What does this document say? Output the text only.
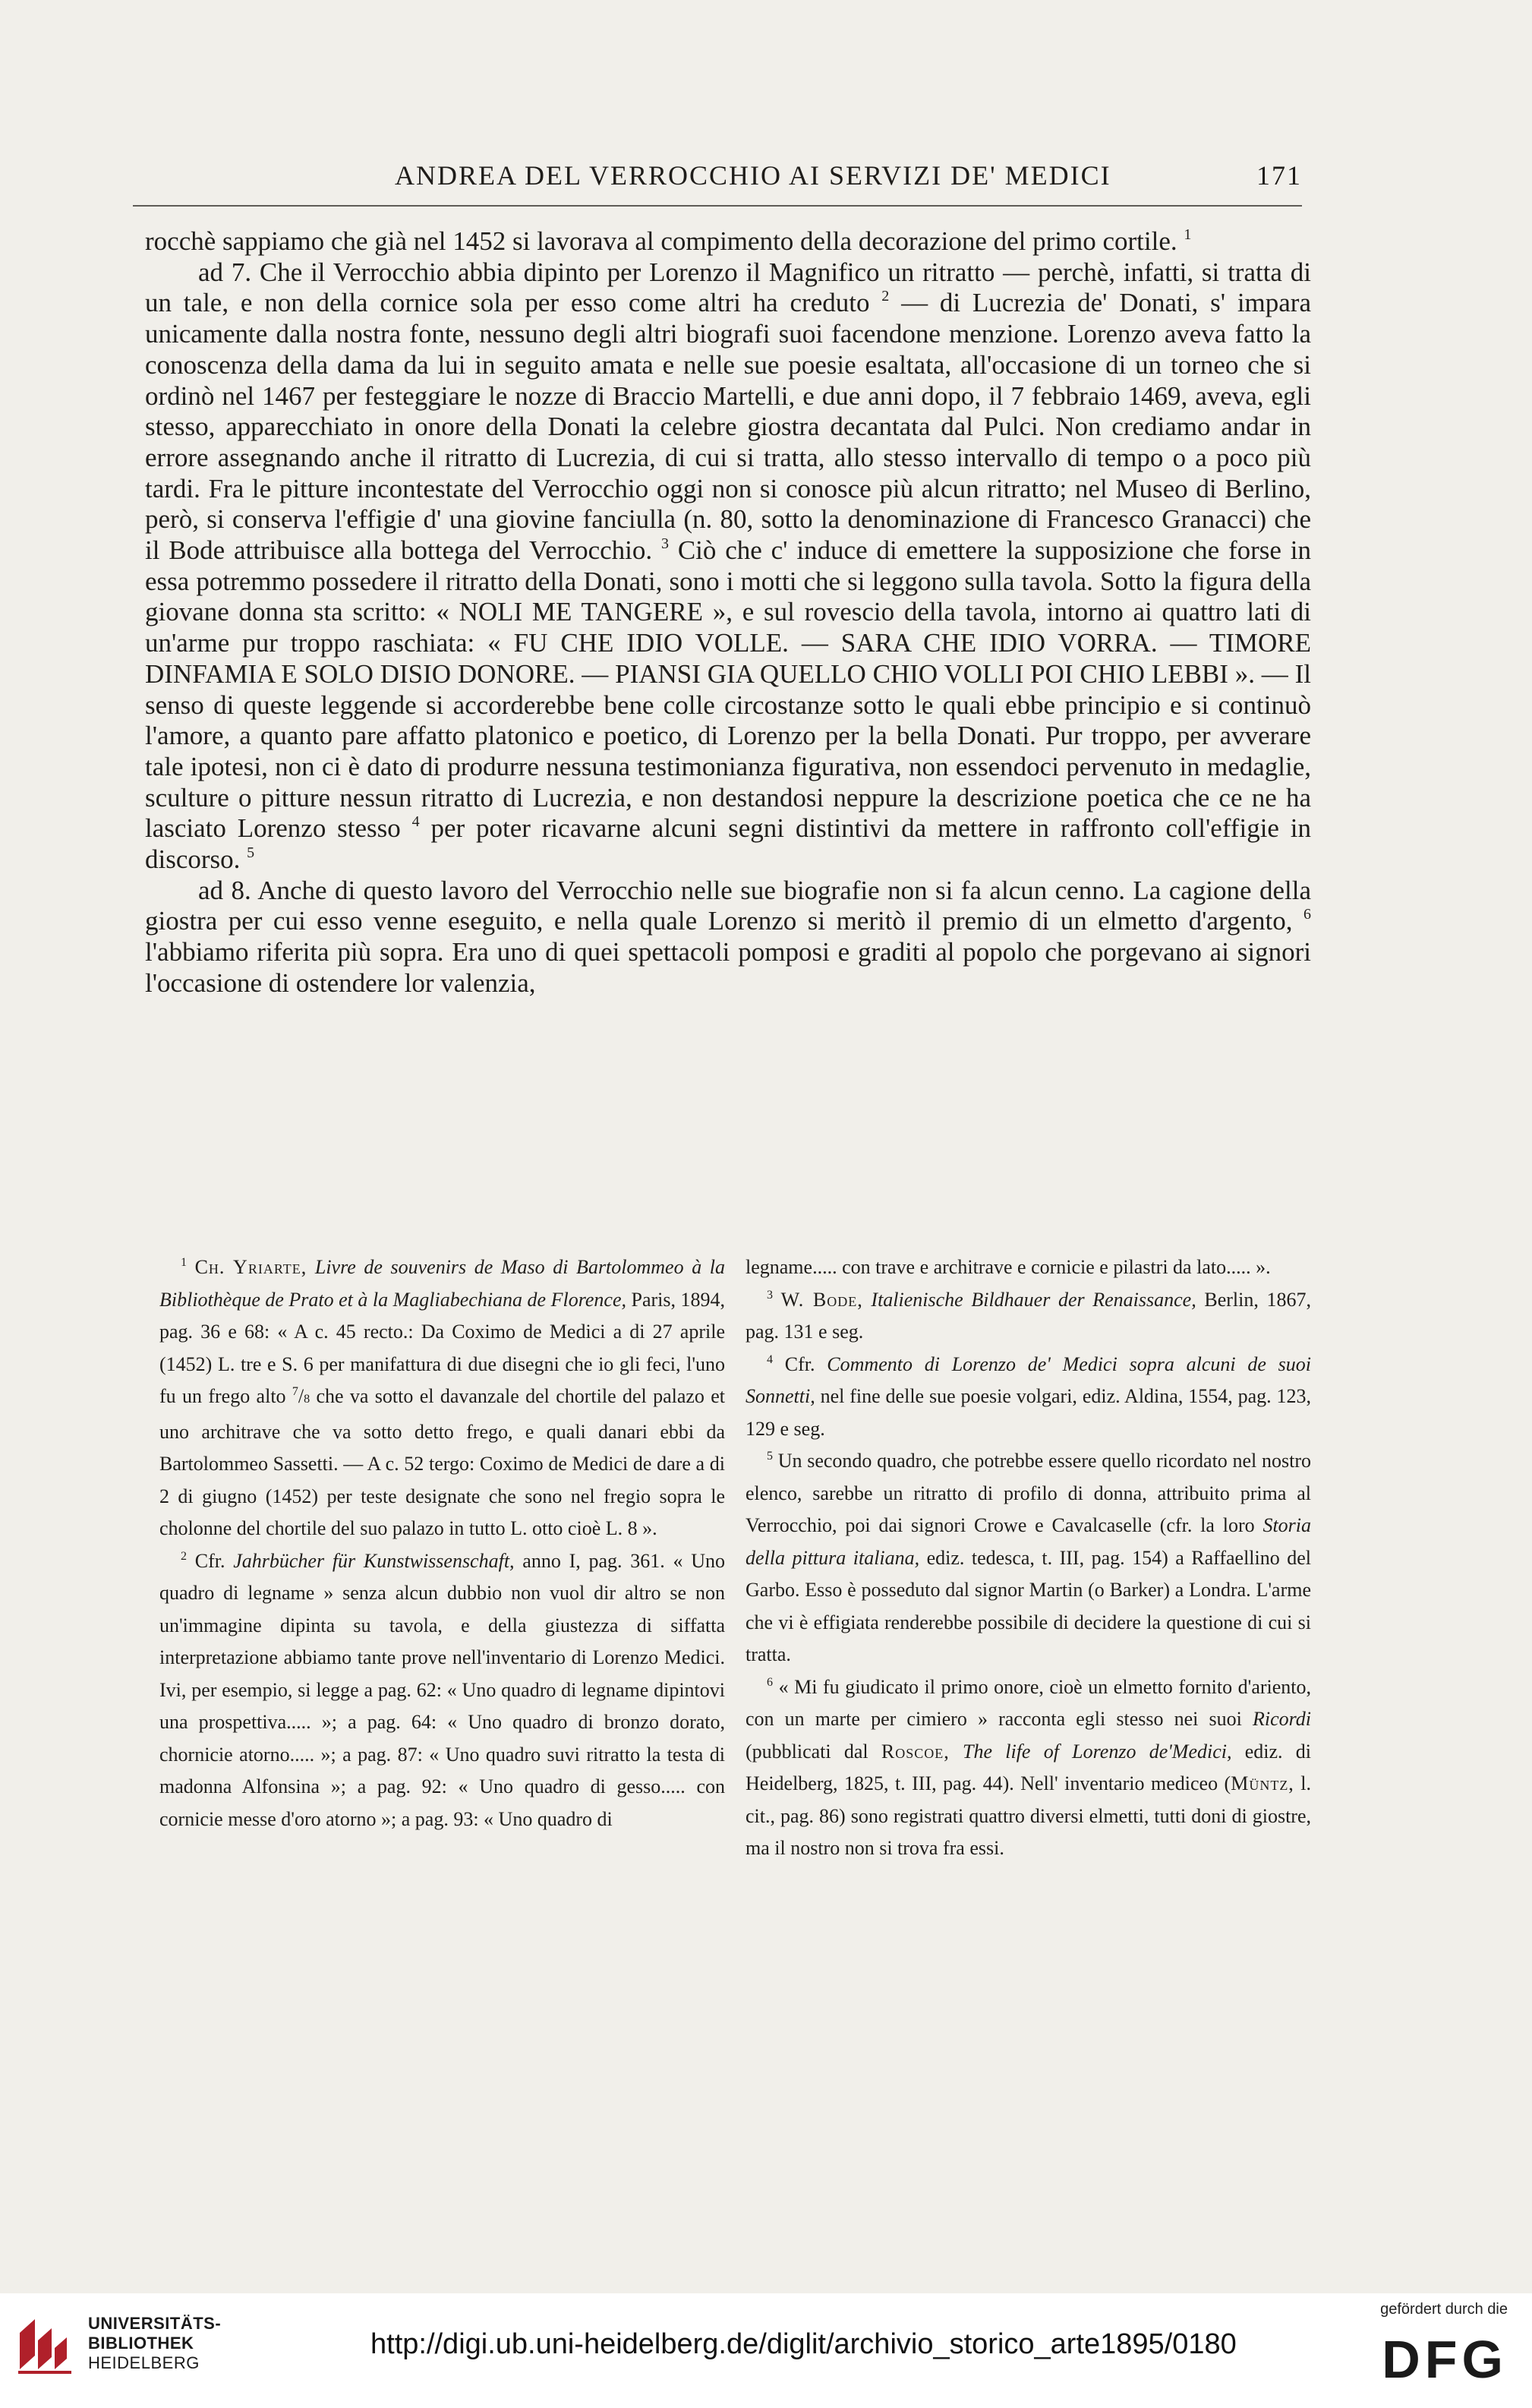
ANDREA DEL VERROCCHIO AI SERVIZI DE' MEDICI	171

rocchè sappiamo che già nel 1452 si lavorava al compimento della decorazione del primo cortile. $^1$

ad 7. Che il Verrocchio abbia dipinto per Lorenzo il Magnifico un ritratto — perchè, infatti, si tratta di un tale, e non della cornice sola per esso come altri ha creduto $^2$ — di Lucrezia de' Donati, s' impara unicamente dalla nostra fonte, nessuno degli altri biografi suoi facendone menzione. Lorenzo aveva fatto la conoscenza della dama da lui in seguito amata e nelle sue poesie esaltata, all'occasione di un torneo che si ordinò nel 1467 per festeggiare le nozze di Braccio Martelli, e due anni dopo, il 7 febbraio 1469, aveva, egli stesso, apparecchiato in onore della Donati la celebre giostra decantata dal Pulci. Non crediamo andar in errore assegnando anche il ritratto di Lucrezia, di cui si tratta, allo stesso intervallo di tempo o a poco più tardi. Fra le pitture incontestate del Verrocchio oggi non si conosce più alcun ritratto; nel Museo di Berlino, però, si conserva l'effigie d' una giovine fanciulla (n. 80, sotto la denominazione di Francesco Granacci) che il Bode attribuisce alla bottega del Verrocchio. $^3$ Ciò che c' induce di emettere la supposizione che forse in essa potremmo possedere il ritratto della Donati, sono i motti che si leggono sulla tavola. Sotto la figura della giovane donna sta scritto: « NOLI ME TANGERE », e sul rovescio della tavola, intorno ai quattro lati di un'arme pur troppo raschiata: « FU CHE IDIO VOLLE. — SARA CHE IDIO VORRA. — TIMORE DINFAMIA E SOLO DISIO DONORE. — PIANSI GIA QUELLO CHIO VOLLI POI CHIO LEBBI ». — Il senso di queste leggende si accorderebbe bene colle circostanze sotto le quali ebbe principio e si continuò l'amore, a quanto pare affatto platonico e poetico, di Lorenzo per la bella Donati. Pur troppo, per avverare tale ipotesi, non ci è dato di produrre nessuna testimonianza figurativa, non essendoci pervenuto in medaglie, sculture o pitture nessun ritratto di Lucrezia, e non destandosi neppure la descrizione poetica che ce ne ha lasciato Lorenzo stesso $^4$ per poter ricavarne alcuni segni distintivi da mettere in raffronto coll'effigie in discorso. $^5$

ad 8. Anche di questo lavoro del Verrocchio nelle sue biografie non si fa alcun cenno. La cagione della giostra per cui esso venne eseguito, e nella quale Lorenzo si meritò il premio di un elmetto d'argento, $^6$ l'abbiamo riferita più sopra. Era uno di quei spettacoli pomposi e graditi al popolo che porgevano ai signori l'occasione di ostendere lor valenzia,

$^1$ Ch. Yriarte, Livre de souvenirs de Maso di Bartolommeo à la Bibliothèque de Prato et à la Magliabechiana de Florence, Paris, 1894, pag. 36 e 68: « A c. 45 recto.: Da Coximo de Medici a di 27 aprile (1452) L. tre e S. 6 per manifattura di due disegni che io gli feci, l'uno fu un frego alto $^7$/8 che va sotto el davanzale del chortile del palazo et uno architrave che va sotto detto frego, e quali danari ebbi da Bartolommeo Sassetti. — A c. 52 tergo: Coximo de Medici de dare a di 2 di giugno (1452) per teste designate che sono nel fregio sopra le cholonne del chortile del suo palazo in tutto L. otto cioè L. 8 ».

$^2$ Cfr. Jahrbücher für Kunstwissenschaft, anno I, pag. 361. « Uno quadro di legname » senza alcun dubbio non vuol dir altro se non un'immagine dipinta su tavola, e della giustezza di siffatta interpretazione abbiamo tante prove nell'inventario di Lorenzo Medici. Ivi, per esempio, si legge a pag. 62: « Uno quadro di legname dipintovi una prospettiva..... »; a pag. 64: « Uno quadro di bronzo dorato, chornicie atorno..... »; a pag. 87: « Uno quadro suvi ritratto la testa di madonna Alfonsina »; a pag. 92: « Uno quadro di gesso..... con cornicie messe d'oro atorno »; a pag. 93: « Uno quadro di

legname..... con trave e architrave e cornicie e pilastri da lato..... ».

$^3$ W. Bode, Italienische Bildhauer der Renaissance, Berlin, 1867, pag. 131 e seg.

$^4$ Cfr. Commento di Lorenzo de' Medici sopra alcuni de suoi Sonnetti, nel fine delle sue poesie volgari, ediz. Aldina, 1554, pag. 123, 129 e seg.

$^5$ Un secondo quadro, che potrebbe essere quello ricordato nel nostro elenco, sarebbe un ritratto di profilo di donna, attribuito prima al Verrocchio, poi dai signori Crowe e Cavalcaselle (cfr. la loro Storia della pittura italiana, ediz. tedesca, t. III, pag. 154) a Raffaellino del Garbo. Esso è posseduto dal signor Martin (o Barker) a Londra. L'arme che vi è effigiata renderebbe possibile di decidere la questione di cui si tratta.

$^6$ « Mi fu giudicato il primo onore, cioè un elmetto fornito d'ariento, con un marte per cimiero » racconta egli stesso nei suoi Ricordi (pubblicati dal Roscoe, The life of Lorenzo de'Medici, ediz. di Heidelberg, 1825, t. III, pag. 44). Nell' inventario mediceo (Müntz, l. cit., pag. 86) sono registrati quattro diversi elmetti, tutti doni di giostre, ma il nostro non si trova fra essi.

UNIVERSITÄTS-
BIBLIOTHEK
HEIDELBERG
http://digi.ub.uni-heidelberg.de/diglit/archivio_storico_arte1895/0180
gefördert durch die
DFG
